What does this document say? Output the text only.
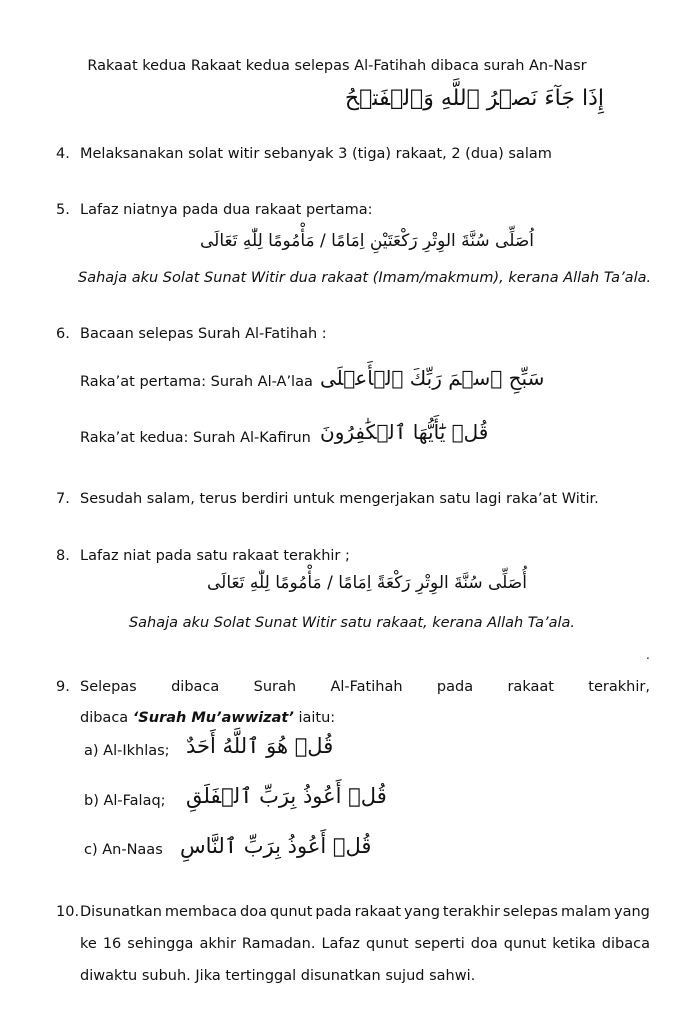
Rakaat kedua Rakaat kedua selepas Al-Fatihah dibaca surah An-Nasr
إِذَا جَآءَ نَصۡرُ ٱللَّهِ وَٱلۡفَتۡحُ
4. Melaksanakan solat witir sebanyak 3 (tiga) rakaat, 2 (dua) salam
5. Lafaz niatnya pada dua rakaat pertama:
اُصَلِّى سُنَّةَ الوِتْرِ رَكْعَتَيْنِ اِمَامًا / مَأْمُومًا لِلّٰهِ تَعَالَى
Sahaja aku Solat Sunat Witir dua rakaat (Imam/makmum), kerana Allah Ta’ala.
6. Bacaan selepas Surah Al-Fatihah :
Raka’at pertama: Surah Al-A’laa سَبِّحِ ٱسۡمَ رَبِّكَ ٱلۡأَعۡلَى
Raka’at kedua: Surah Al-Kafirun قُلۡ يَٰٓأَيُّهَا ٱلۡكَٰفِرُونَ
7. Sesudah salam, terus berdiri untuk mengerjakan satu lagi raka’at Witir.
8. Lafaz niat pada satu rakaat terakhir ;
أُصَلِّى سُنَّةَ الوِتْرِ رَكْعَةً اِمَامًا / مَأْمُومًا لِلّٰهِ تَعَالَى
Sahaja aku Solat Sunat Witir satu rakaat, kerana Allah Ta’ala.
.
9. Selepas dibaca Surah Al-Fatihah pada rakaat terakhir,
dibaca ‘Surah Mu’awwizat’ iaitu:
a) Al-Ikhlas; قُلۡ هُوَ ٱللَّهُ أَحَدٌ
b) Al-Falaq; قُلۡ أَعُوذُ بِرَبِّ ٱلۡفَلَقِ
c) An-Naas قُلۡ أَعُوذُ بِرَبِّ ٱلنَّاسِ
10. Disunatkan membaca doa qunut pada rakaat yang terakhir selepas malam yang
ke 16 sehingga akhir Ramadan. Lafaz qunut seperti doa qunut ketika dibaca
diwaktu subuh. Jika tertinggal disunatkan sujud sahwi.
